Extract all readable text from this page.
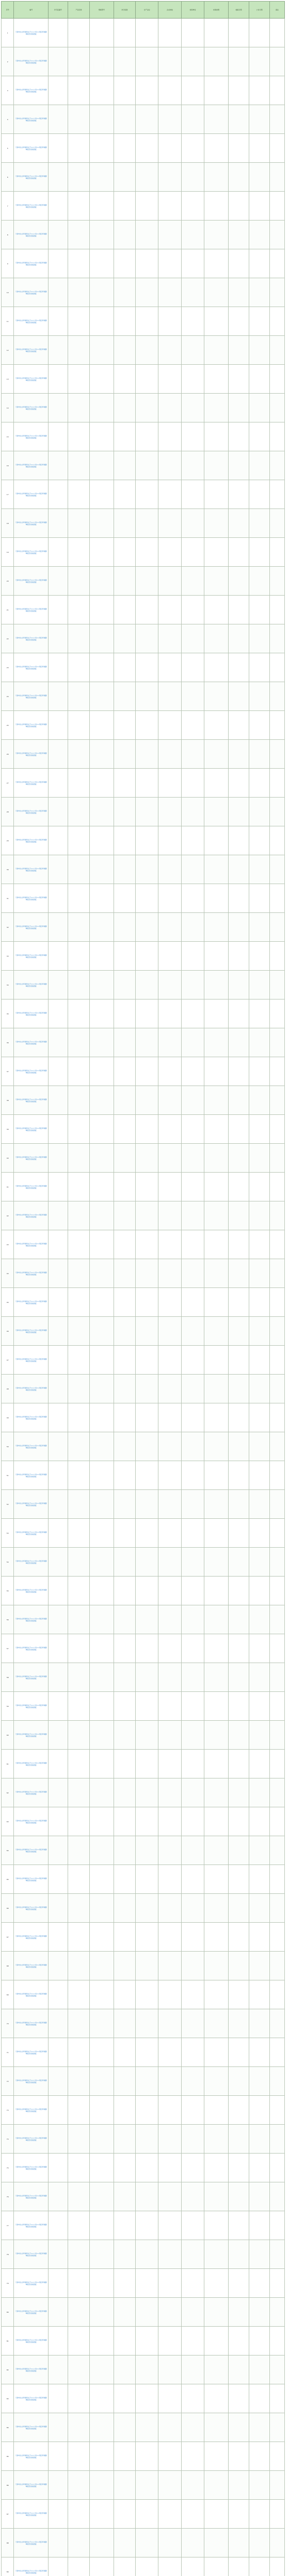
序号	编号	许可证编号	产品名称	规格型号	执行标准	生产企业	企业地址	检验单位	检验结果	抽查日期	公告日期	备注
1	天津市生态环境局关于××公司××项目环境影响报告表的批复											
2	天津市生态环境局关于××公司××项目环境影响报告表的批复											
3	天津市生态环境局关于××公司××项目环境影响报告表的批复											
4	天津市生态环境局关于××公司××项目环境影响报告表的批复											
5	天津市生态环境局关于××公司××项目环境影响报告表的批复											
6	天津市生态环境局关于××公司××项目环境影响报告表的批复											
7	天津市生态环境局关于××公司××项目环境影响报告表的批复											
8	天津市生态环境局关于××公司××项目环境影响报告表的批复											
9	天津市生态环境局关于××公司××项目环境影响报告表的批复											
10	天津市生态环境局关于××公司××项目环境影响报告表的批复											
11	天津市生态环境局关于××公司××项目环境影响报告表的批复											
12	天津市生态环境局关于××公司××项目环境影响报告表的批复											
13	天津市生态环境局关于××公司××项目环境影响报告表的批复											
14	天津市生态环境局关于××公司××项目环境影响报告表的批复											
15	天津市生态环境局关于××公司××项目环境影响报告表的批复											
16	天津市生态环境局关于××公司××项目环境影响报告表的批复											
17	天津市生态环境局关于××公司××项目环境影响报告表的批复											
18	天津市生态环境局关于××公司××项目环境影响报告表的批复											
19	天津市生态环境局关于××公司××项目环境影响报告表的批复											
20	天津市生态环境局关于××公司××项目环境影响报告表的批复											
21	天津市生态环境局关于××公司××项目环境影响报告表的批复											
22	天津市生态环境局关于××公司××项目环境影响报告表的批复											
23	天津市生态环境局关于××公司××项目环境影响报告表的批复											
24	天津市生态环境局关于××公司××项目环境影响报告表的批复											
25	天津市生态环境局关于××公司××项目环境影响报告表的批复											
26	天津市生态环境局关于××公司××项目环境影响报告表的批复											
27	天津市生态环境局关于××公司××项目环境影响报告表的批复											
28	天津市生态环境局关于××公司××项目环境影响报告表的批复											
29	天津市生态环境局关于××公司××项目环境影响报告表的批复											
30	天津市生态环境局关于××公司××项目环境影响报告表的批复											
31	天津市生态环境局关于××公司××项目环境影响报告表的批复											
32	天津市生态环境局关于××公司××项目环境影响报告表的批复											
33	天津市生态环境局关于××公司××项目环境影响报告表的批复											
34	天津市生态环境局关于××公司××项目环境影响报告表的批复											
35	天津市生态环境局关于××公司××项目环境影响报告表的批复											
36	天津市生态环境局关于××公司××项目环境影响报告表的批复											
37	天津市生态环境局关于××公司××项目环境影响报告表的批复											
38	天津市生态环境局关于××公司××项目环境影响报告表的批复											
39	天津市生态环境局关于××公司××项目环境影响报告表的批复											
40	天津市生态环境局关于××公司××项目环境影响报告表的批复											
41	天津市生态环境局关于××公司××项目环境影响报告表的批复											
42	天津市生态环境局关于××公司××项目环境影响报告表的批复											
43	天津市生态环境局关于××公司××项目环境影响报告表的批复											
44	天津市生态环境局关于××公司××项目环境影响报告表的批复											
45	天津市生态环境局关于××公司××项目环境影响报告表的批复											
46	天津市生态环境局关于××公司××项目环境影响报告表的批复											
47	天津市生态环境局关于××公司××项目环境影响报告表的批复											
48	天津市生态环境局关于××公司××项目环境影响报告表的批复											
49	天津市生态环境局关于××公司××项目环境影响报告表的批复											
50	天津市生态环境局关于××公司××项目环境影响报告表的批复											
51	天津市生态环境局关于××公司××项目环境影响报告表的批复											
52	天津市生态环境局关于××公司××项目环境影响报告表的批复											
53	天津市生态环境局关于××公司××项目环境影响报告表的批复											
54	天津市生态环境局关于××公司××项目环境影响报告表的批复											
55	天津市生态环境局关于××公司××项目环境影响报告表的批复											
56	天津市生态环境局关于××公司××项目环境影响报告表的批复											
57	天津市生态环境局关于××公司××项目环境影响报告表的批复											
58	天津市生态环境局关于××公司××项目环境影响报告表的批复											
59	天津市生态环境局关于××公司××项目环境影响报告表的批复											
60	天津市生态环境局关于××公司××项目环境影响报告表的批复											
61	天津市生态环境局关于××公司××项目环境影响报告表的批复											
62	天津市生态环境局关于××公司××项目环境影响报告表的批复											
63	天津市生态环境局关于××公司××项目环境影响报告表的批复											
64	天津市生态环境局关于××公司××项目环境影响报告表的批复											
65	天津市生态环境局关于××公司××项目环境影响报告表的批复											
66	天津市生态环境局关于××公司××项目环境影响报告表的批复											
67	天津市生态环境局关于××公司××项目环境影响报告表的批复											
68	天津市生态环境局关于××公司××项目环境影响报告表的批复											
69	天津市生态环境局关于××公司××项目环境影响报告表的批复											
70	天津市生态环境局关于××公司××项目环境影响报告表的批复											
71	天津市生态环境局关于××公司××项目环境影响报告表的批复											
72	天津市生态环境局关于××公司××项目环境影响报告表的批复											
73	天津市生态环境局关于××公司××项目环境影响报告表的批复											
74	天津市生态环境局关于××公司××项目环境影响报告表的批复											
75	天津市生态环境局关于××公司××项目环境影响报告表的批复											
76	天津市生态环境局关于××公司××项目环境影响报告表的批复											
77	天津市生态环境局关于××公司××项目环境影响报告表的批复											
78	天津市生态环境局关于××公司××项目环境影响报告表的批复											
79	天津市生态环境局关于××公司××项目环境影响报告表的批复											
80	天津市生态环境局关于××公司××项目环境影响报告表的批复											
81	天津市生态环境局关于××公司××项目环境影响报告表的批复											
82	天津市生态环境局关于××公司××项目环境影响报告表的批复											
83	天津市生态环境局关于××公司××项目环境影响报告表的批复											
84	天津市生态环境局关于××公司××项目环境影响报告表的批复											
85	天津市生态环境局关于××公司××项目环境影响报告表的批复											
86	天津市生态环境局关于××公司××项目环境影响报告表的批复											
87	天津市生态环境局关于××公司××项目环境影响报告表的批复											
88	天津市生态环境局关于××公司××项目环境影响报告表的批复											
89	天津市生态环境局关于××公司××项目环境影响报告表的批复											
